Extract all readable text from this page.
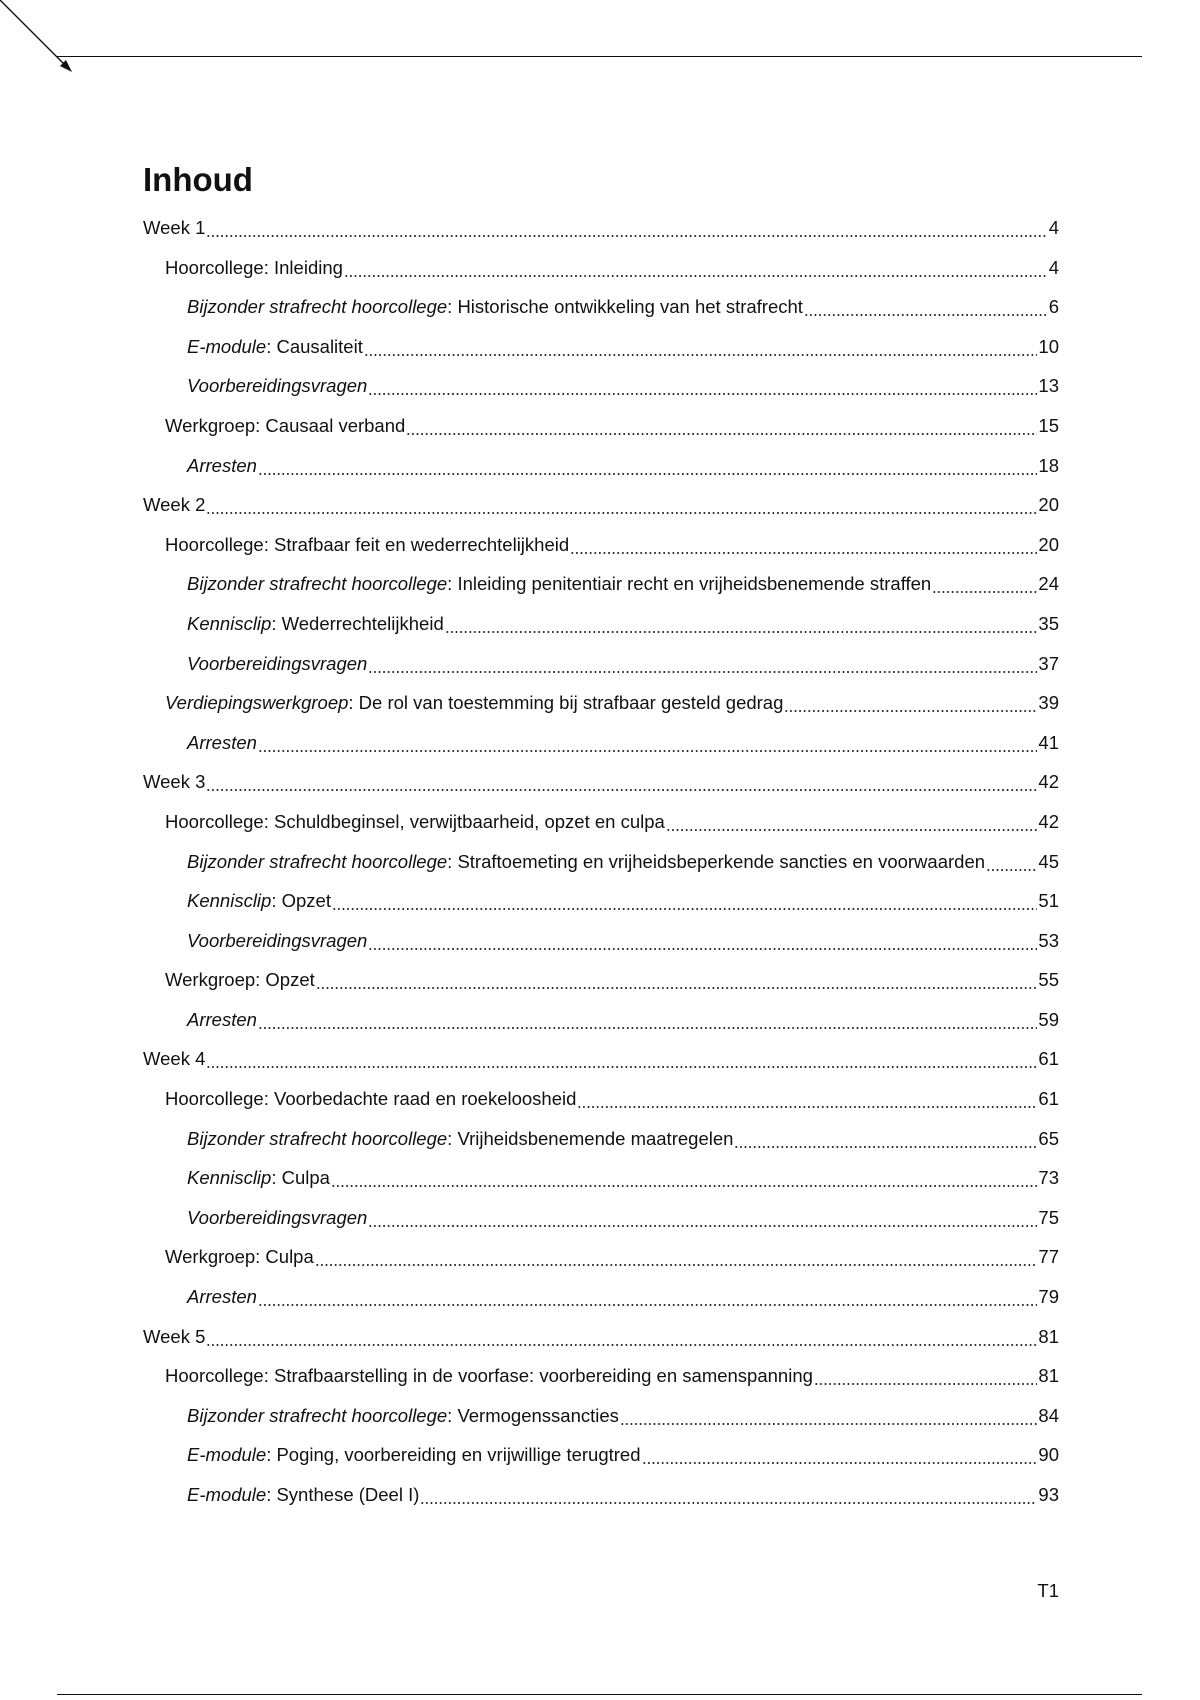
Inhoud
Week 1	4
Hoorcollege: Inleiding	4
Bijzonder strafrecht hoorcollege: Historische ontwikkeling van het strafrecht	6
E-module: Causaliteit	10
Voorbereidingsvragen	13
Werkgroep: Causaal verband	15
Arresten	18
Week 2	20
Hoorcollege: Strafbaar feit en wederrechtelijkheid	20
Bijzonder strafrecht hoorcollege: Inleiding penitentiair recht en vrijheidsbenemende straffen	24
Kennisclip: Wederrechtelijkheid	35
Voorbereidingsvragen	37
Verdiepingswerkgroep: De rol van toestemming bij strafbaar gesteld gedrag	39
Arresten	41
Week 3	42
Hoorcollege: Schuldbeginsel, verwijtbaarheid, opzet en culpa	42
Bijzonder strafrecht hoorcollege: Straftoemeting en vrijheidsbeperkende sancties en voorwaarden	45
Kennisclip: Opzet	51
Voorbereidingsvragen	53
Werkgroep: Opzet	55
Arresten	59
Week 4	61
Hoorcollege: Voorbedachte raad en roekeloosheid	61
Bijzonder strafrecht hoorcollege: Vrijheidsbenemende maatregelen	65
Kennisclip: Culpa	73
Voorbereidingsvragen	75
Werkgroep: Culpa	77
Arresten	79
Week 5	81
Hoorcollege: Strafbaarstelling in de voorfase: voorbereiding en samenspanning	81
Bijzonder strafrecht hoorcollege: Vermogenssancties	84
E-module: Poging, voorbereiding en vrijwillige terugtred	90
E-module: Synthese (Deel I)	93
T1
